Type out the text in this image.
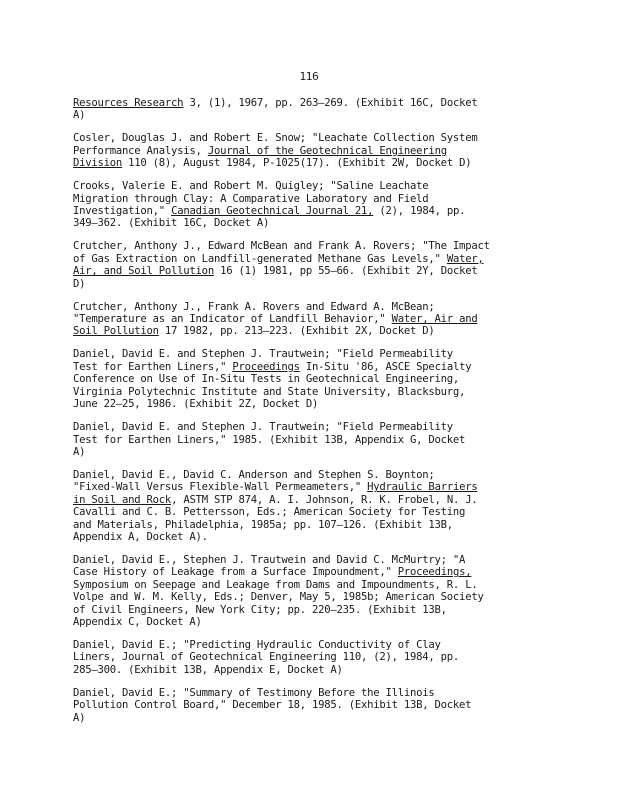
116

Resources Research 3, (1), 1967, pp. 263–269. (Exhibit 16C, Docket
A)

Cosler, Douglas J. and Robert E. Snow; "Leachate Collection System
Performance Analysis, Journal of the Geotechnical Engineering
Division 110 (8), August 1984, P-1025(17). (Exhibit 2W, Docket D)

Crooks, Valerie E. and Robert M. Quigley; "Saline Leachate
Migration through Clay: A Comparative Laboratory and Field
Investigation," Canadian Geotechnical Journal 21, (2), 1984, pp.
349–362. (Exhibit 16C, Docket A)

Crutcher, Anthony J., Edward McBean and Frank A. Rovers; "The Impact
of Gas Extraction on Landfill-generated Methane Gas Levels," Water,
Air, and Soil Pollution 16 (1) 1981, pp 55–66. (Exhibit 2Y, Docket
D)

Crutcher, Anthony J., Frank A. Rovers and Edward A. McBean;
"Temperature as an Indicator of Landfill Behavior," Water, Air and
Soil Pollution 17 1982, pp. 213–223. (Exhibit 2X, Docket D)

Daniel, David E. and Stephen J. Trautwein; "Field Permeability
Test for Earthen Liners," Proceedings In-Situ '86, ASCE Specialty
Conference on Use of In-Situ Tests in Geotechnical Engineering,
Virginia Polytechnic Institute and State University, Blacksburg,
June 22–25, 1986. (Exhibit 2Z, Docket D)

Daniel, David E. and Stephen J. Trautwein; "Field Permeability
Test for Earthen Liners," 1985. (Exhibit 13B, Appendix G, Docket
A)

Daniel, David E., David C. Anderson and Stephen S. Boynton;
"Fixed-Wall Versus Flexible-Wall Permeameters," Hydraulic Barriers
in Soil and Rock, ASTM STP 874, A. I. Johnson, R. K. Frobel, N. J.
Cavalli and C. B. Pettersson, Eds.; American Society for Testing
and Materials, Philadelphia, 1985a; pp. 107–126. (Exhibit 13B,
Appendix A, Docket A).

Daniel, David E., Stephen J. Trautwein and David C. McMurtry; "A
Case History of Leakage from a Surface Impoundment," Proceedings,
Symposium on Seepage and Leakage from Dams and Impoundments, R. L.
Volpe and W. M. Kelly, Eds.; Denver, May 5, 1985b; American Society
of Civil Engineers, New York City; pp. 220–235. (Exhibit 13B,
Appendix C, Docket A)

Daniel, David E.; "Predicting Hydraulic Conductivity of Clay
Liners, Journal of Geotechnical Engineering 110, (2), 1984, pp.
285–300. (Exhibit 13B, Appendix E, Docket A)

Daniel, David E.; "Summary of Testimony Before the Illinois
Pollution Control Board," December 18, 1985. (Exhibit 13B, Docket
A)
